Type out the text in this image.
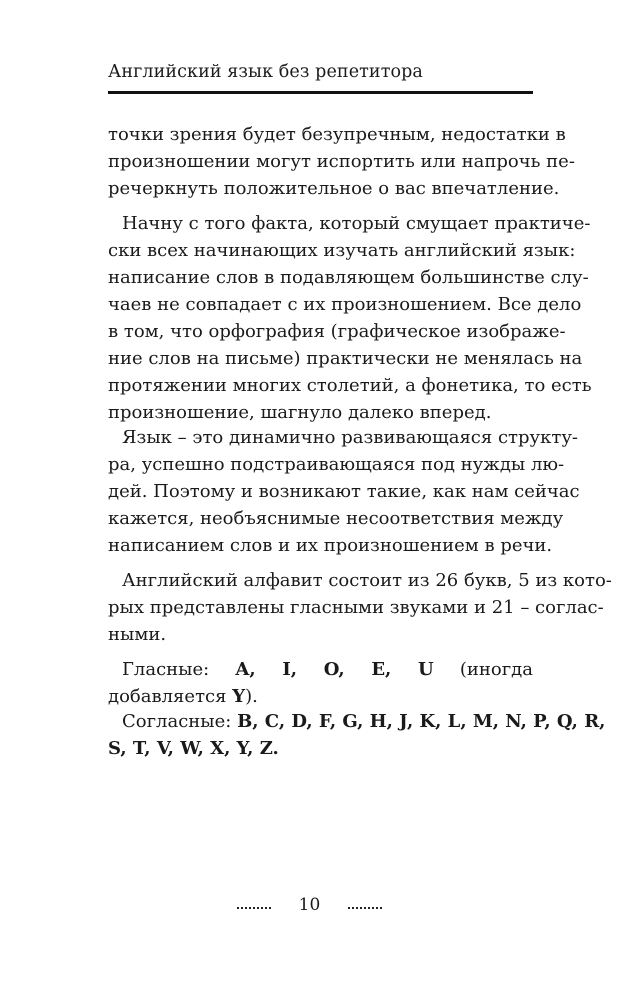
Английский язык без репетитора
точки зрения будет безупречным, недостатки в
произношении могут испортить или напрочь пе-
речеркнуть положительное о вас впечатление.
Начну с того факта, который смущает практиче-
ски всех начинающих изучать английский язык:
написание слов в подавляющем большинстве слу-
чаев не совпадает с их произношением. Все дело
в том, что орфография (графическое изображе-
ние слов на письме) практически не менялась на
протяжении многих столетий, а фонетика, то есть
произношение, шагнуло далеко вперед.
Язык – это динамично развивающаяся структу-
ра, успешно подстраивающаяся под нужды лю-
дей. Поэтому и возникают такие, как нам сейчас
кажется, необъяснимые несоответствия между
написанием слов и их произношением в речи.
Английский алфавит состоит из 26 букв, 5 из кото-
рых представлены гласными звуками и 21 – соглас-
ными.
Гласные: A, I, O, E, U (иногда добавляется Y).
Согласные: B, C, D, F, G, H, J, K, L, M, N, P, Q, R,
S, T, V, W, X, Y, Z.
10
